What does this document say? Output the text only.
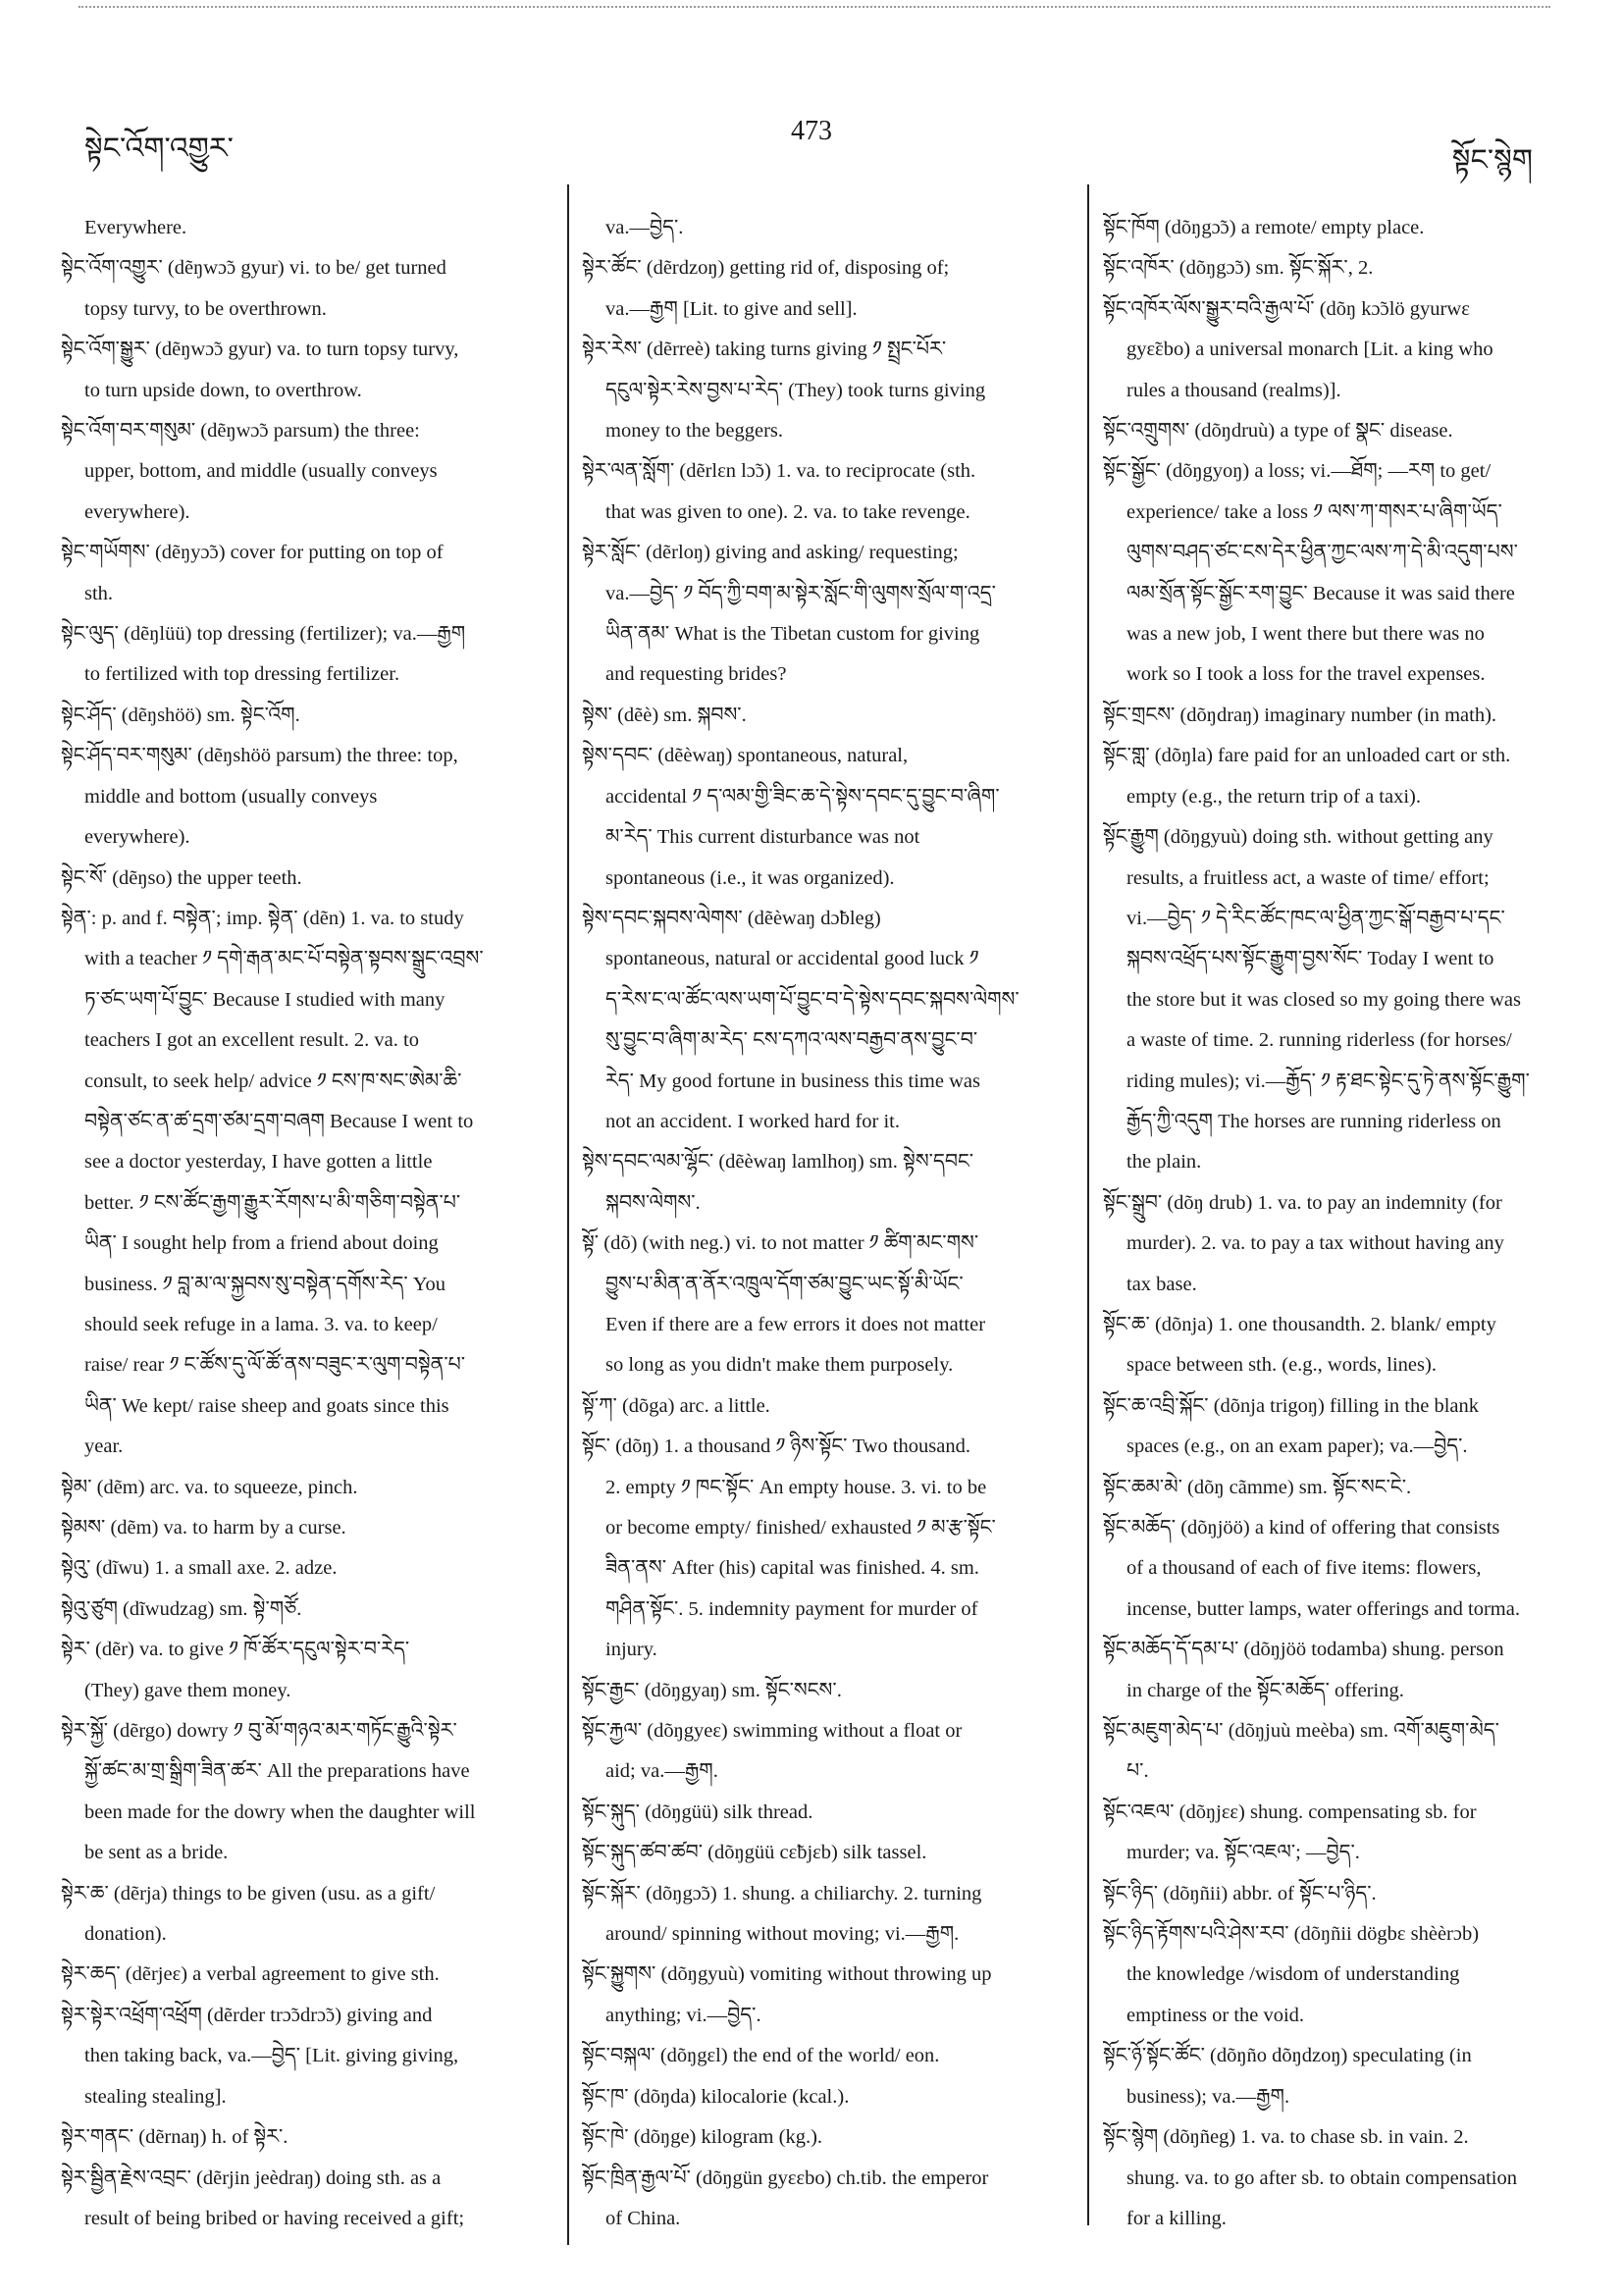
སྟེང་འོག་འགྱུར་
473
སྟོང་སྙེག
Everywhere.
སྟེང་འོག་འགྱུར་ (dẽŋwɔ̃ɔ gyur) vi. to be/ get turned
topsy turvy, to be overthrown.
སྟེང་འོག་སྒྱུར་ (dẽŋwɔ̃ɔ gyur) va. to turn topsy turvy,
to turn upside down, to overthrow.
སྟེང་འོག་བར་གསུམ་ (dẽŋwɔ̃ɔ parsum) the three:
upper, bottom, and middle (usually conveys
everywhere).
སྟེང་གཡོགས་ (dẽŋyɔ̃ɔ) cover for putting on top of
sth.
སྟེང་ལུད་ (dẽŋlüü) top dressing (fertilizer); va.—རྒྱག
to fertilized with top dressing fertilizer.
སྟེང་ཤོད་ (dẽŋshöö) sm. སྟེང་འོག.
སྟེང་ཤོད་བར་གསུམ་ (dẽŋshöö parsum) the three: top,
middle and bottom (usually conveys
everywhere).
སྟེང་སོ་ (dẽŋso) the upper teeth.
སྟེན་: p. and f. བསྟེན་; imp. སྟེན་ (dẽn) 1. va. to study
with a teacher ༡ དགེ་རྒན་མང་པོ་བསྟེན་སྟབས་སྒྲུང་འབྲས་
ཏ་ཙང་ཡག་པོ་བྱུང་ Because I studied with many
teachers I got an excellent result. 2. va. to
consult, to seek help/ advice ༡ ངས་ཁ་སང་ཨེམ་ཆི་
བསྟེན་ཙང་ན་ཚ་དྲག་ཙམ་དྲག་བཞག Because I went to
see a doctor yesterday, I have gotten a little
better. ༡ ངས་ཚོང་རྒྱག་རྒྱུར་རོགས་པ་མི་གཅིག་བསྟེན་པ་
ཡིན་ I sought help from a friend about doing
business. ༡ བླ་མ་ལ་སྐྱབས་སུ་བསྟེན་དགོས་རེད་ You
should seek refuge in a lama. 3. va. to keep/
raise/ rear ༡ ང་ཚོས་དུ་ལོ་ཚོ་ནས་བཟུང་ར་ལུག་བསྟེན་པ་
ཡིན་ We kept/ raise sheep and goats since this
year.
སྟེམ་ (dẽm) arc. va. to squeeze, pinch.
སྟེམས་ (dẽm) va. to harm by a curse.
སྟེའུ་ (dĩwu) 1. a small axe. 2. adze.
སྟེའུ་ཙུག (dĩwudzag) sm. སྟེ་གཙོ.
སྟེར་ (dẽr) va. to give ༡ ཁོ་ཚོར་དངུལ་སྟེར་བ་རེད་
(They) gave them money.
སྟེར་སྐྱོ་ (dẽrgo) dowry ༡ བུ་མོ་གཉའ་མར་གཏོང་རྒྱུའི་སྟེར་
སྐྱོ་ཚང་མ་གྲ་སྒྲིག་ཟིན་ཚར་ All the preparations have
been made for the dowry when the daughter will
be sent as a bride.
སྟེར་ཆ་ (dẽrja) things to be given (usu. as a gift/
donation).
སྟེར་ཆད་ (dẽrjeɛ) a verbal agreement to give sth.
སྟེར་སྟེར་འཕྲོག་འཕྲོག (dẽrder trɔ̃ɔdrɔ̃ɔ) giving and
then taking back, va.—བྱེད་ [Lit. giving giving,
stealing stealing].
སྟེར་གནང་ (dẽrnaŋ) h. of སྟེར་.
སྟེར་སྦྱིན་རྗེས་འབྲང་ (dẽrjin jeèdraŋ) doing sth. as a
result of being bribed or having received a gift;
va.—བྱེད་.
སྟེར་ཚོང་ (dẽrdzoŋ) getting rid of, disposing of;
va.—རྒྱག [Lit. to give and sell].
སྟེར་རེས་ (dẽrreè) taking turns giving ༡ སྤྲང་པོར་
དངུལ་སྟེར་རེས་བྱས་པ་རེད་ (They) took turns giving
money to the beggers.
སྟེར་ལན་སློག་ (dẽrlɛn lɔ̃ɔ) 1. va. to reciprocate (sth.
that was given to one). 2. va. to take revenge.
སྟེར་སློང་ (dẽrloŋ) giving and asking/ requesting;
va.—བྱེད་ ༡ བོད་ཀྱི་བག་མ་སྟེར་སློང་གི་ལུགས་སྲོལ་ག་འདྲ་
ཡིན་ནམ་ What is the Tibetan custom for giving
and requesting brides?
སྟེས་ (dẽè) sm. སྐབས་.
སྟེས་དབང་ (dẽèwaŋ) spontaneous, natural,
accidental ༡ ད་ལམ་གྱི་ཟིང་ཆ་དེ་སྟེས་དབང་དུ་བྱུང་བ་ཞིག་
མ་རེད་ This current disturbance was not
spontaneous (i.e., it was organized).
སྟེས་དབང་སྐབས་ལེགས་ (dẽèwaŋ dɔ̃bleg)
spontaneous, natural or accidental good luck ༡
ད་རེས་ང་ལ་ཚོང་ལས་ཡག་པོ་བྱུང་བ་དེ་སྟེས་དབང་སྐབས་ལེགས་
སུ་བྱུང་བ་ཞིག་མ་རེད་ ངས་དཀའ་ལས་བརྒྱབ་ནས་བྱུང་བ་
རེད་ My good fortune in business this time was
not an accident. I worked hard for it.
སྟེས་དབང་ལམ་ལྷོང་ (dẽèwaŋ lamlhoŋ) sm. སྟེས་དབང་
སྐབས་ལེགས་.
སྟོ་ (dõ) (with neg.) vi. to not matter ༡ ཚིག་མང་གས་
བྱུས་པ་མིན་ན་ནོར་འཁྲུལ་དོག་ཙམ་བྱུང་ཡང་སྟོ་མི་ཡོང་
Even if there are a few errors it does not matter
so long as you didn't make them purposely.
སྟོ་ཀ་ (dõga) arc. a little.
སྟོང་ (dõŋ) 1. a thousand ༡ ཉིས་སྟོང་ Two thousand.
2. empty ༡ ཁང་སྟོང་ An empty house. 3. vi. to be
or become empty/ finished/ exhausted ༡ མ་རྩ་སྟོང་
ཟིན་ནས་ After (his) capital was finished. 4. sm.
གཤིན་སྟོང་. 5. indemnity payment for murder of
injury.
སྟོང་རྒྱང་ (dõŋgyaŋ) sm. སྟོང་སངས་.
སྟོང་རྐྱལ་ (dõŋgyeɛ) swimming without a float or
aid; va.—རྒྱག.
སྟོང་སྐུད་ (dõŋgüü) silk thread.
སྟོང་སྐུད་ཚབ་ཚབ་ (dõŋgüü cɛ̃bjɛb) silk tassel.
སྟོང་སྐོར་ (dõŋgɔ̃ɔ) 1. shung. a chiliarchy. 2. turning
around/ spinning without moving; vi.—རྒྱག.
སྟོང་སྐྱུགས་ (dõŋgyuù) vomiting without throwing up
anything; vi.—བྱེད་.
སྟོང་བསྐལ་ (dõŋgɛl) the end of the world/ eon.
སྟོང་ཁ་ (dõŋda) kilocalorie (kcal.).
སྟོང་ཁེ་ (dõŋge) kilogram (kg.).
སྟོང་ཁྲིན་རྒྱལ་པོ་ (dõŋgün gyɛɛbo) ch.tib. the emperor
of China.
སྟོང་ཁོག (dõŋgɔ̃ɔ) a remote/ empty place.
སྟོང་འཁོར་ (dõŋgɔ̃ɔ) sm. སྟོང་སྐོར་, 2.
སྟོང་འཁོར་ལོས་སྒྱུར་བའི་རྒྱལ་པོ་ (dõŋ kɔ̃ɔlö gyurwɛ
gyɛ̃ɛbo) a universal monarch [Lit. a king who
rules a thousand (realms)].
སྟོང་འགྲུགས་ (dõŋdruù) a type of སྣང་ disease.
སྟོང་སྒྱོང་ (dõŋgyoŋ) a loss; vi.—ཐོག; —རག to get/
experience/ take a loss ༡ ལས་ཀ་གསར་པ་ཞིག་ཡོད་
ལུགས་བཤད་ཙང་ངས་དེར་ཕྱིན་ཀྱང་ལས་ཀ་དེ་མི་འདུག་པས་
ལམ་སྲོན་སྟོང་སྒྱོང་རག་བྱུང་ Because it was said there
was a new job, I went there but there was no
work so I took a loss for the travel expenses.
སྟོང་གྲངས་ (dõŋdraŋ) imaginary number (in math).
སྟོང་གླ་ (dõŋla) fare paid for an unloaded cart or sth.
empty (e.g., the return trip of a taxi).
སྟོང་རྒྱུག (dõŋgyuù) doing sth. without getting any
results, a fruitless act, a waste of time/ effort;
vi.—བྱེད་ ༡ དེ་རིང་ཚོང་ཁང་ལ་ཕྱིན་ཀྱང་སྒོ་བརྒྱབ་པ་དང་
སྐབས་འཕྲོད་པས་སྟོང་རྒྱུག་བྱས་སོང་ Today I went to
the store but it was closed so my going there was
a waste of time. 2. running riderless (for horses/
riding mules); vi.—རྒྱོད་ ༡ རྟ་ཐང་སྟེང་དུ་ཏེ་ནས་སྟོང་རྒྱུག་
རྒྱོད་ཀྱི་འདུག The horses are running riderless on
the plain.
སྟོང་སྒྲུབ་ (dõŋ drub) 1. va. to pay an indemnity (for
murder). 2. va. to pay a tax without having any
tax base.
སྟོང་ཆ་ (dõnja) 1. one thousandth. 2. blank/ empty
space between sth. (e.g., words, lines).
སྟོང་ཆ་འབྲི་སྐོང་ (dõnja trigoŋ) filling in the blank
spaces (e.g., on an exam paper); va.—བྱེད་.
སྟོང་ཆམ་མེ་ (dõŋ cãmme) sm. སྟོང་སང་ངེ་.
སྟོང་མཆོད་ (dõŋjöö) a kind of offering that consists
of a thousand of each of five items: flowers,
incense, butter lamps, water offerings and torma.
སྟོང་མཆོད་དོ་དམ་པ་ (dõŋjöö todamba) shung. person
in charge of the སྟོང་མཆོད་ offering.
སྟོང་མཇུག་མེད་པ་ (dõŋjuù meèba) sm. འགོ་མཇུག་མེད་
པ་.
སྟོང་འཇལ་ (dõŋjɛɛ) shung. compensating sb. for
murder; va. སྟོང་འཇལ་; —བྱེད་.
སྟོང་ཉིད་ (dõŋñii) abbr. of སྟོང་པ་ཉིད་.
སྟོང་ཉིད་རྟོགས་པའི་ཤེས་རབ་ (dõŋñii dögbɛ shèèrɔb)
the knowledge /wisdom of understanding
emptiness or the void.
སྟོང་ཉོ་སྟོང་ཚོང་ (dõŋño dõŋdzoŋ) speculating (in
business); va.—རྒྱག.
སྟོང་སྙེག (dõŋñeg) 1. va. to chase sb. in vain. 2.
shung. va. to go after sb. to obtain compensation
for a killing.
